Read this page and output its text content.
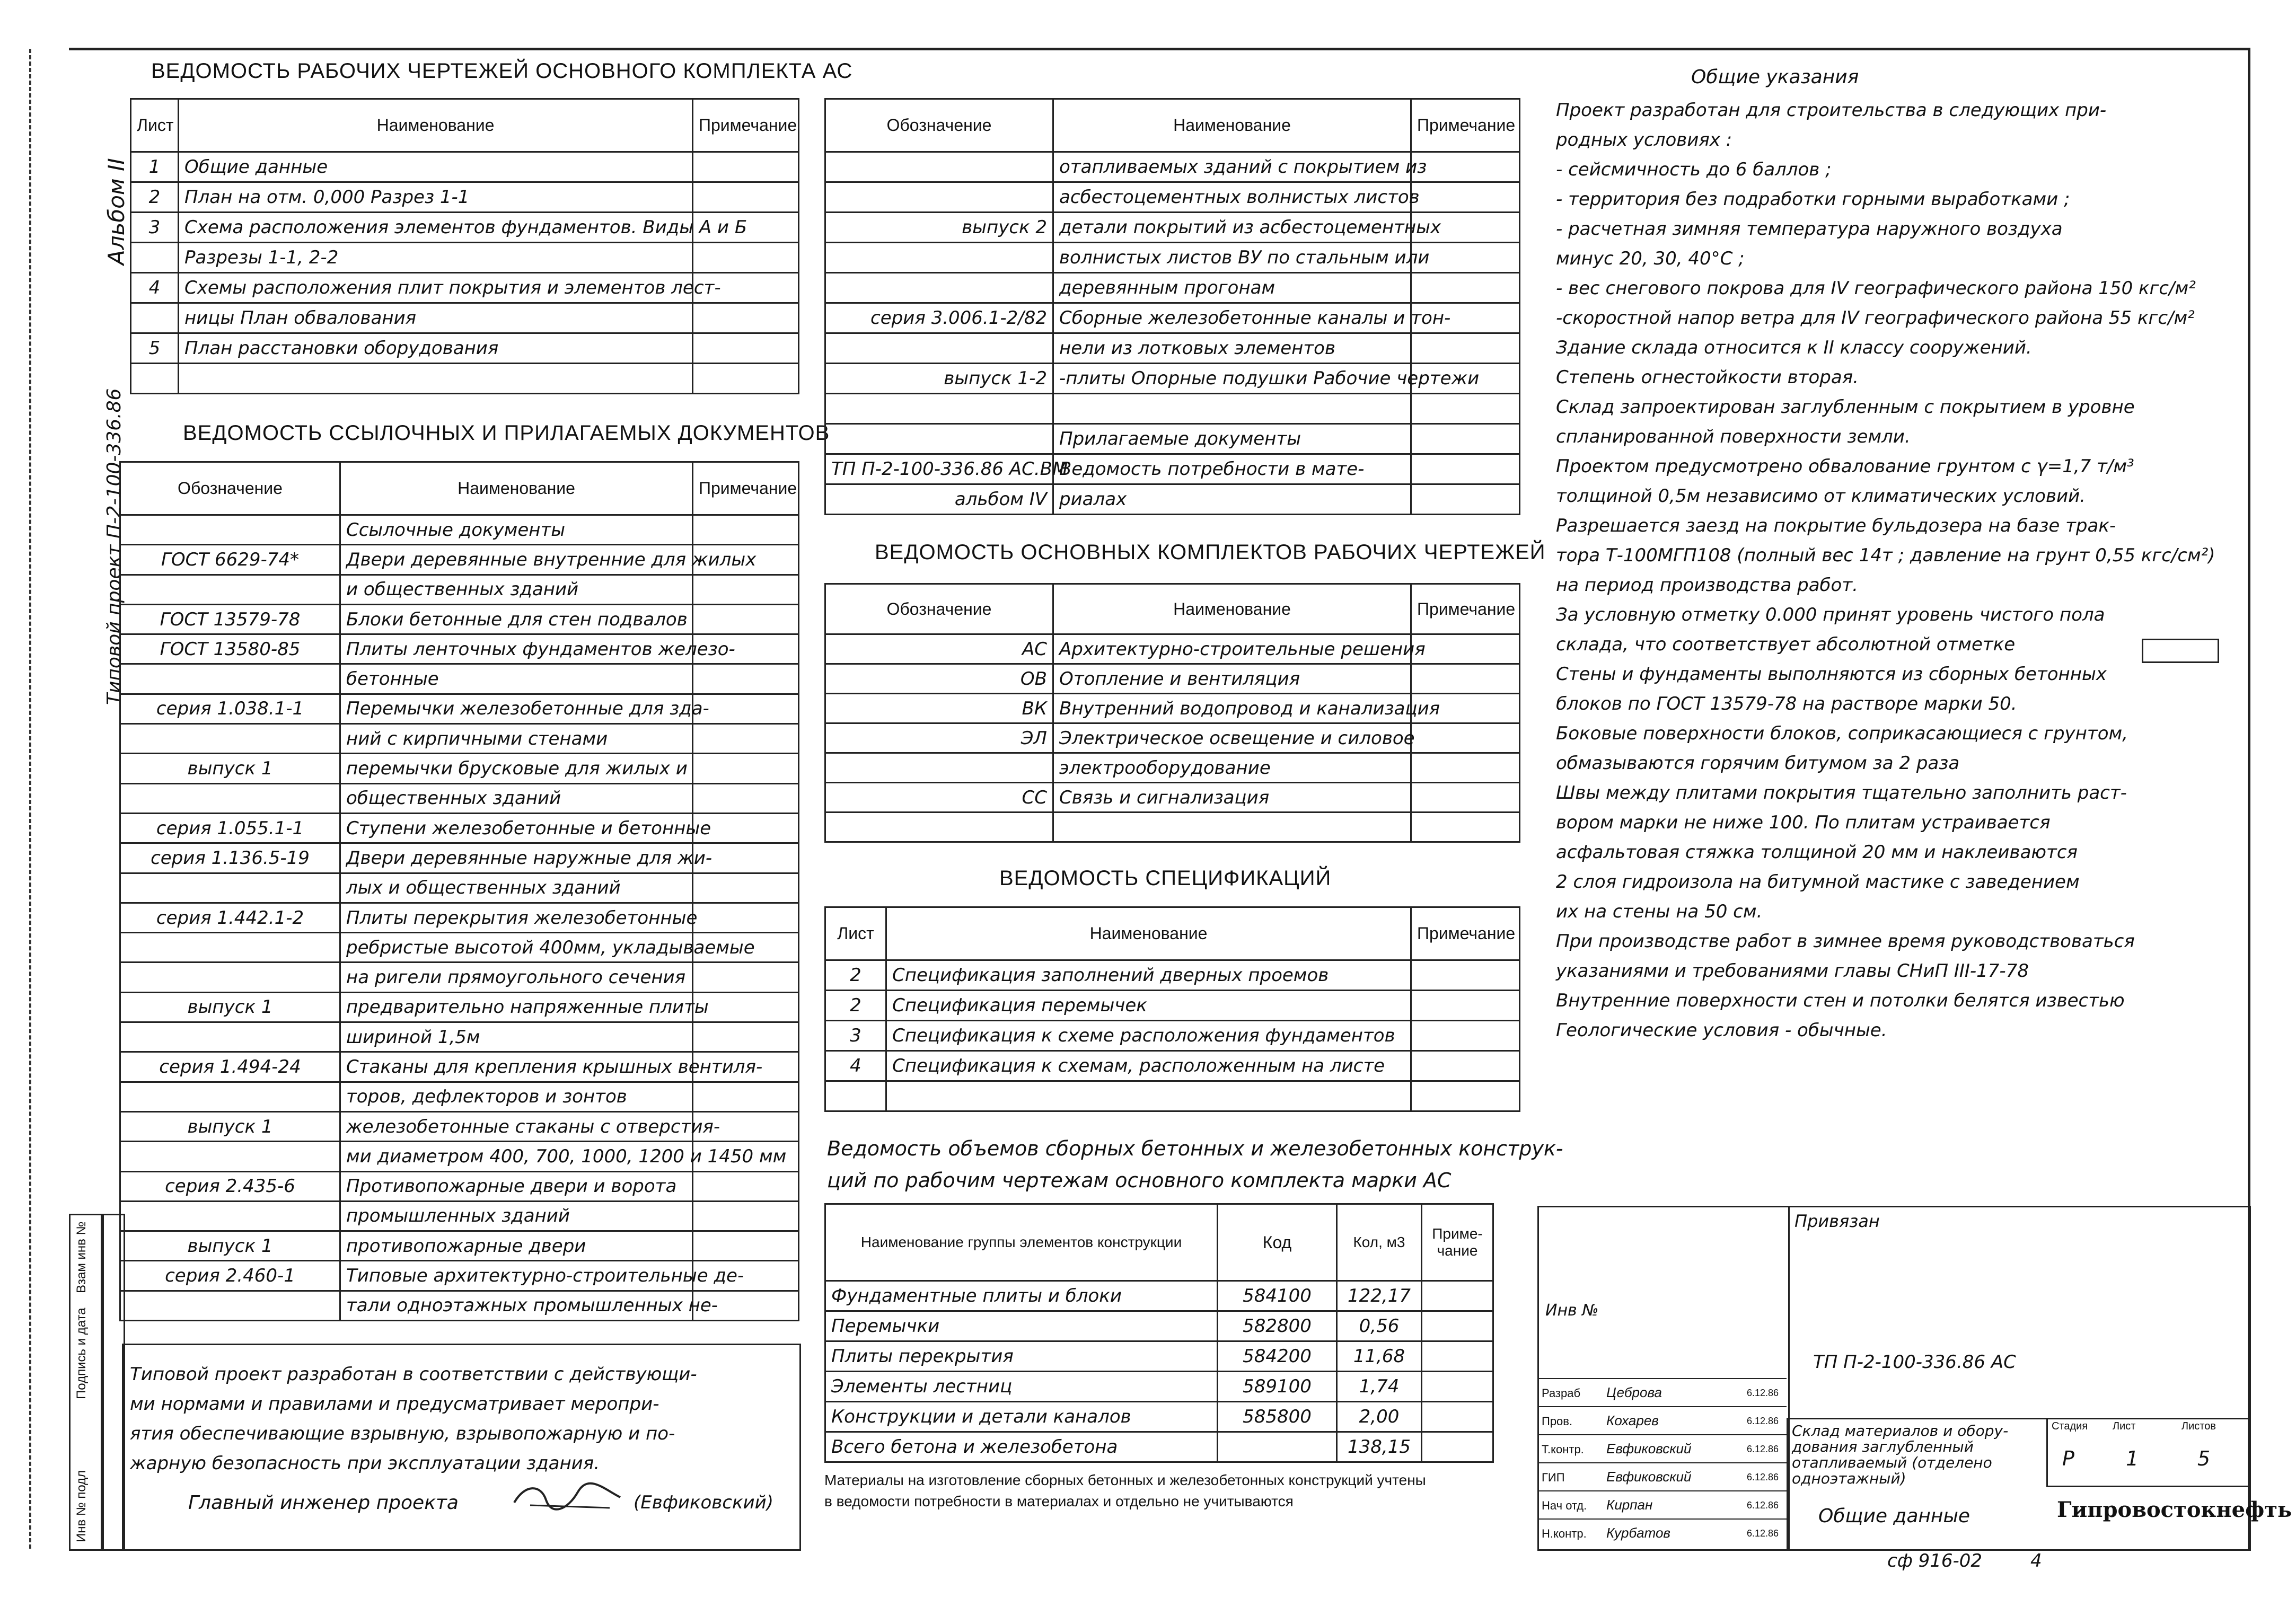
Альбом II
Типовой проект П-2-100-336.86
Инв № подл
Подпись и дата
Взам инв №
ВЕДОМОСТЬ РАБОЧИХ ЧЕРТЕЖЕЙ ОСНОВНОГО КОМПЛЕКТА АС
Лист	Наименование	Примечание
1	Общие данные	
2	План на отм. 0,000 Разрез 1-1	
3	Схема расположения элементов фундаментов. Виды А и Б	
	Разрезы 1-1, 2-2	
4	Схемы расположения плит покрытия и элементов лест-	
	ницы План обвалования	
5	План расстановки оборудования	

ВЕДОМОСТЬ ССЫЛОЧНЫХ И ПРИЛАГАЕМЫХ ДОКУМЕНТОВ
Обозначение	Наименование	Примечание
	Ссылочные документы	
ГОСТ 6629-74*	Двери деревянные внутренние для жилых	
	и общественных зданий	
ГОСТ 13579-78	Блоки бетонные для стен подвалов	
ГОСТ 13580-85	Плиты ленточных фундаментов железо-	
	бетонные	
серия 1.038.1-1	Перемычки железобетонные для зда-	
	ний с кирпичными стенами	
выпуск 1	перемычки брусковые для жилых и	
	общественных зданий	
серия 1.055.1-1	Ступени железобетонные и бетонные	
серия 1.136.5-19	Двери деревянные наружные для жи-	
	лых и общественных зданий	
серия 1.442.1-2	Плиты перекрытия железобетонные	
	ребристые высотой 400мм, укладываемые	
	на ригели прямоугольного сечения	
выпуск 1	предварительно напряженные плиты	
	шириной 1,5м	
серия 1.494-24	Стаканы для крепления крышных вентиля-	
	торов, дефлекторов и зонтов	
выпуск 1	железобетонные стаканы с отверстия-	
	ми диаметром 400, 700, 1000, 1200 и 1450 мм	
серия 2.435-6	Противопожарные двери и ворота	
	промышленных зданий	
выпуск 1	противопожарные двери	
серия 2.460-1	Типовые архитектурно-строительные де-	
	тали одноэтажных промышленных не-	
Обозначение	Наименование	Примечание
	отапливаемых зданий с покрытием из	
	асбестоцементных волнистых листов	
выпуск 2	детали покрытий из асбестоцементных	
	волнистых листов ВУ по стальным или	
	деревянным прогонам	
серия 3.006.1-2/82	Сборные железобетонные каналы и тон-	
	нели из лотковых элементов	
выпуск 1-2	-плиты Опорные подушки Рабочие чертежи	

	Прилагаемые документы	
ТП П-2-100-336.86 АС.ВМ	Ведомость потребности в мате-	
альбом IV	риалах	
ВЕДОМОСТЬ ОСНОВНЫХ КОМПЛЕКТОВ РАБОЧИХ ЧЕРТЕЖЕЙ
Обозначение	Наименование	Примечание
АС	Архитектурно-строительные решения	
ОВ	Отопление и вентиляция	
ВК	Внутренний водопровод и канализация	
ЭЛ	Электрическое освещение и силовое	
	электрооборудование	
СС	Связь и сигнализация	

ВЕДОМОСТЬ СПЕЦИФИКАЦИЙ
Лист	Наименование	Примечание
2	Спецификация заполнений дверных проемов	
2	Спецификация перемычек	
3	Спецификация к схеме расположения фундаментов	
4	Спецификация к схемам, расположенным на листе	

Ведомость объемов сборных бетонных и железобетонных конструк-
ций по рабочим чертежам основного комплекта марки АС
Наименование группы элементов конструкции	Код	Кол, м3	Приме-чание
Фундаментные плиты и блоки	584100	122,17	
Перемычки	582800	0,56	
Плиты перекрытия	584200	11,68	
Элементы лестниц	589100	1,74	
Конструкции и детали каналов	585800	2,00	
Всего бетона и железобетона		138,15	
Материалы на изготовление сборных бетонных и железобетонных конструкций учтены
в ведомости потребности в материалах и отдельно не учитываются
Общие указания

Проект разработан для строительства в следующих при-

родных условиях :

- сейсмичность до 6 баллов ;

- территория без подработки горными выработками ;

- расчетная зимняя температура наружного воздуха

минус 20, 30, 40°С ;

- вес снегового покрова для IV географического района 150 кгс/м²

-скоростной напор ветра для IV географического района 55 кгс/м²

Здание склада относится к II классу сооружений.

Степень огнестойкости вторая.

Склад запроектирован заглубленным с покрытием в уровне

спланированной поверхности земли.

Проектом предусмотрено обвалование грунтом с γ=1,7 т/м³

толщиной 0,5м независимо от климатических условий.

Разрешается заезд на покрытие бульдозера на базе трак-

тора Т-100МГП108 (полный вес 14т ; давление на грунт 0,55 кгс/см²)

на период производства работ.

За условную отметку 0.000 принят уровень чистого пола

склада, что соответствует абсолютной отметке

Стены и фундаменты выполняются из сборных бетонных

блоков по ГОСТ 13579-78 на растворе марки 50.

Боковые поверхности блоков, соприкасающиеся с грунтом,

обмазываются горячим битумом за 2 раза

Швы между плитами покрытия тщательно заполнить раст-

вором марки не ниже 100. По плитам устраивается

асфальтовая стяжка толщиной 20 мм и наклеиваются

2 слоя гидроизола на битумной мастике с заведением

их на стены на 50 см.

При производстве работ в зимнее время руководствоваться

указаниями и требованиями главы СНиП III-17-78

Внутренние поверхности стен и потолки белятся известью

Геологические условия - обычные.

Типовой проект разработан в соответствии с действующи-

ми нормами и правилами и предусматривает меропри-

ятия обеспечивающие взрывную, взрывопожарную и по-

жарную безопасность при эксплуатации здания.

Главный инженер проекта	(Евфиковский)
Привязан
Инв №
ТП П-2-100-336.86 АС
Стадия Лист	Листов
Р	1	5
Склад материалов и обору-
дования заглубленный
отапливаемый (отделено
одноэтажный)
Общие данные	Гипровостокнефть
сф 916-02	4
Разраб Цеброва	6.12.86
Пров. Кохарев	6.12.86
Т.контр. Евфиковский	6.12.86
ГИП	Евфиковский	6.12.86
Нач отд. Кирпан	6.12.86
Н.контр. Курбатов	6.12.86
